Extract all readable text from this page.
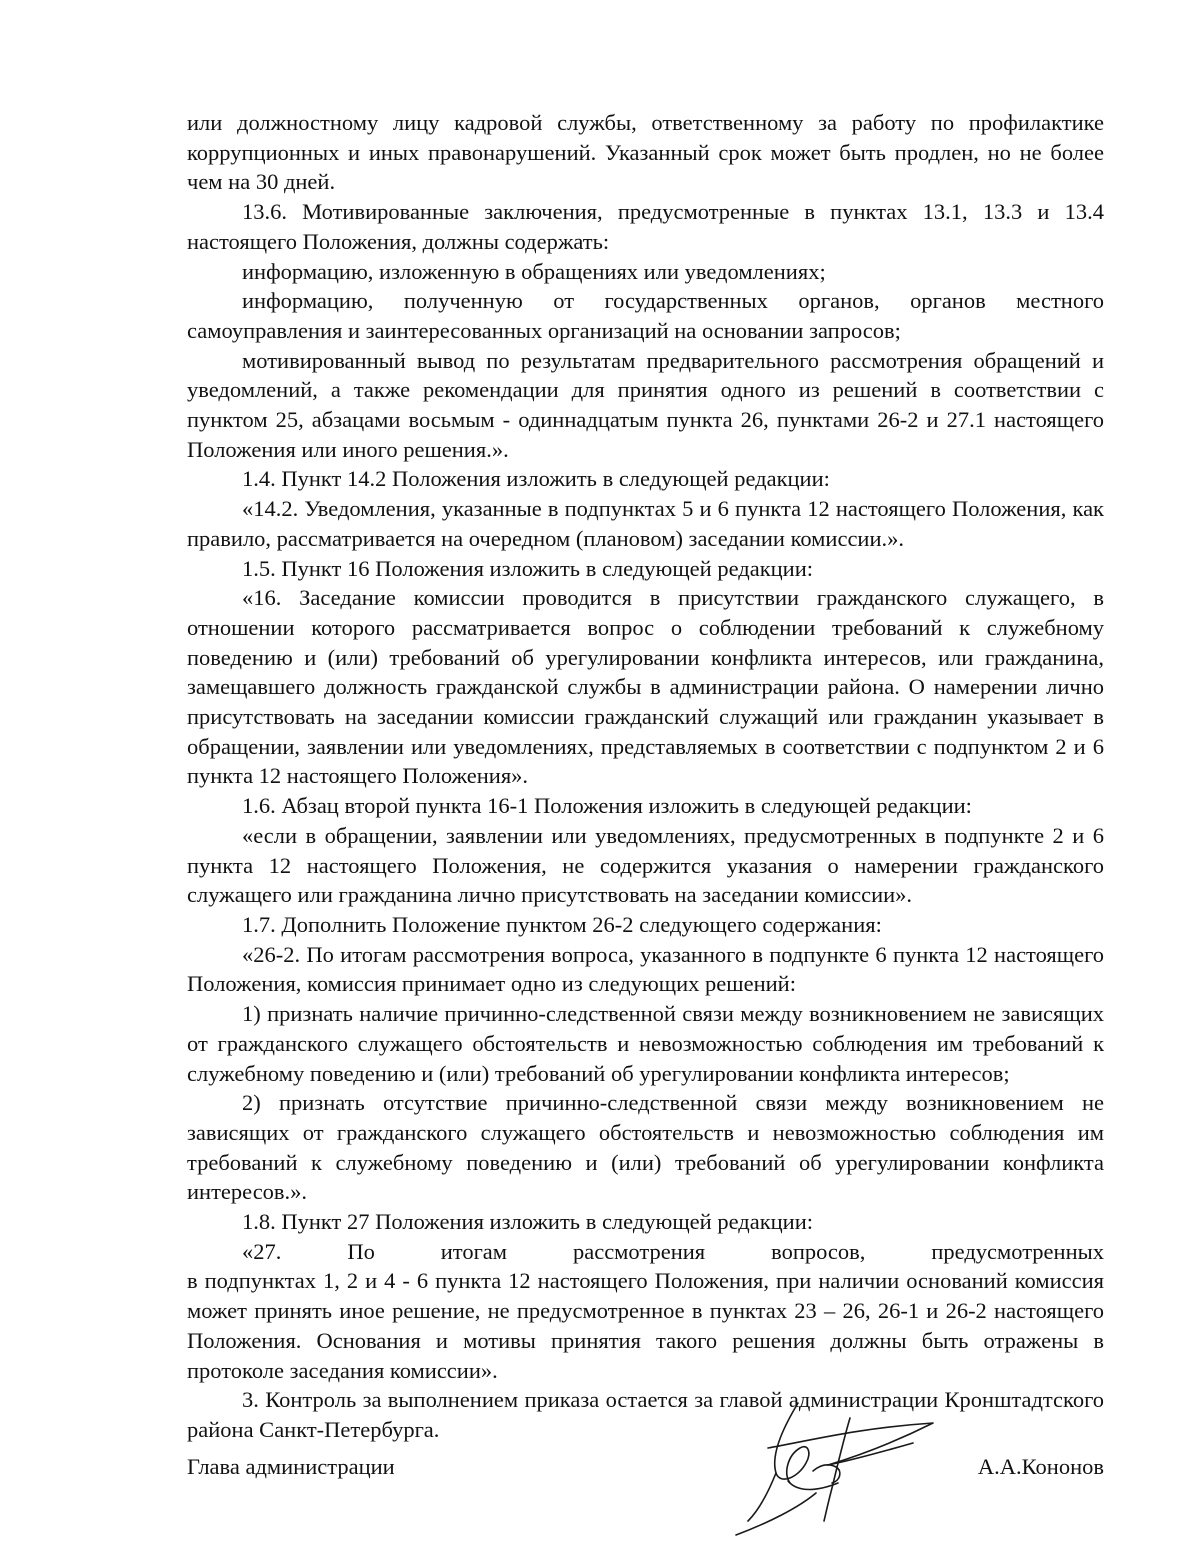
или должностному лицу кадровой службы, ответственному за работу по профилактике коррупционных и иных правонарушений. Указанный срок может быть продлен, но не более чем на 30 дней.

13.6. Мотивированные заключения, предусмотренные в пунктах 13.1, 13.3 и 13.4 настоящего Положения, должны содержать:

информацию, изложенную в обращениях или уведомлениях;

информацию, полученную от государственных органов, органов местного самоуправления и заинтересованных организаций на основании запросов;

мотивированный вывод по результатам предварительного рассмотрения обращений и уведомлений, а также рекомендации для принятия одного из решений в соответствии с пунктом 25, абзацами восьмым - одиннадцатым пункта 26, пунктами 26-2 и 27.1 настоящего Положения или иного решения.».

1.4. Пункт 14.2 Положения изложить в следующей редакции:

«14.2. Уведомления, указанные в подпунктах 5 и 6 пункта 12 настоящего Положения, как правило, рассматривается на очередном (плановом) заседании комиссии.».

1.5. Пункт 16 Положения изложить в следующей редакции:

«16. Заседание комиссии проводится в присутствии гражданского служащего, в отношении которого рассматривается вопрос о соблюдении требований к служебному поведению и (или) требований об урегулировании конфликта интересов, или гражданина, замещавшего должность гражданской службы в администрации района. О намерении лично присутствовать на заседании комиссии гражданский служащий или гражданин указывает в обращении, заявлении или уведомлениях, представляемых в соответствии с подпунктом 2 и 6 пункта 12 настоящего Положения».

1.6. Абзац второй пункта 16-1 Положения изложить в следующей редакции:

«если в обращении, заявлении или уведомлениях, предусмотренных в подпункте 2 и 6 пункта 12 настоящего Положения, не содержится указания о намерении гражданского служащего или гражданина лично присутствовать на заседании комиссии».

1.7. Дополнить Положение пунктом 26-2 следующего содержания:

«26-2. По итогам рассмотрения вопроса, указанного в подпункте 6 пункта 12 настоящего Положения, комиссия принимает одно из следующих решений:

1) признать наличие причинно-следственной связи между возникновением не зависящих от гражданского служащего обстоятельств и невозможностью соблюдения им требований к служебному поведению и (или) требований об урегулировании конфликта интересов;

2) признать отсутствие причинно-следственной связи между возникновением не зависящих от гражданского служащего обстоятельств и невозможностью соблюдения им требований к служебному поведению и (или) требований об урегулировании конфликта интересов.».

1.8. Пункт 27 Положения изложить в следующей редакции:

«27. По итогам рассмотрения вопросов, предусмотренных

в подпунктах 1, 2 и 4 - 6 пункта 12 настоящего Положения, при наличии оснований комиссия может принять иное решение, не предусмотренное в пунктах 23 – 26, 26-1 и 26-2 настоящего Положения. Основания и мотивы принятия такого решения должны быть отражены в протоколе заседания комиссии».

3. Контроль за выполнением приказа остается за главой администрации Кронштадтского района Санкт-Петербурга.

Глава администрации	А.А.Кононов
